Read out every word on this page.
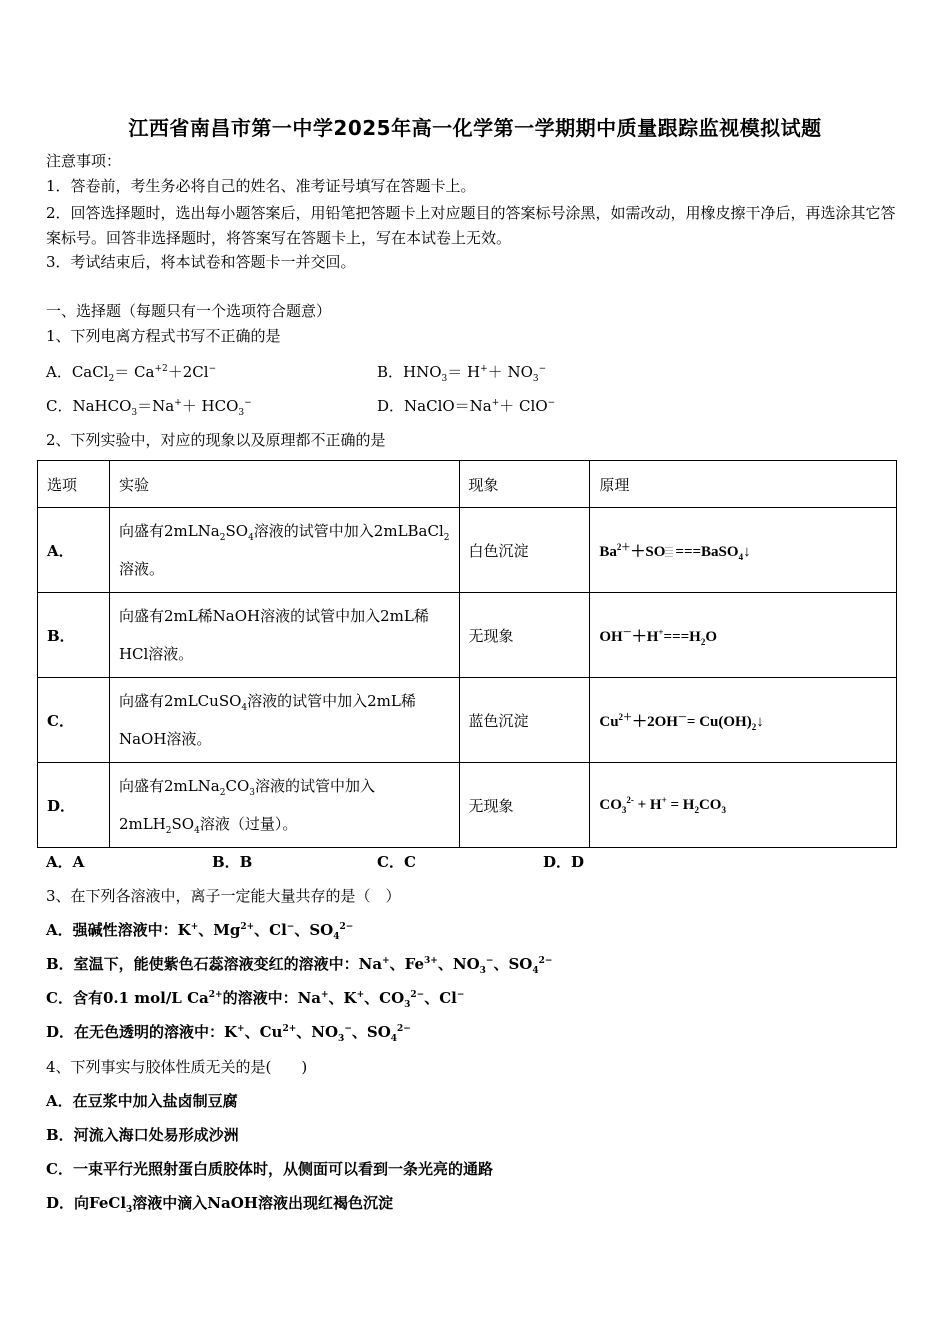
江西省南昌市第一中学2025年高一化学第一学期期中质量跟踪监视模拟试题
注意事项：
1．答卷前，考生务必将自己的姓名、准考证号填写在答题卡上。
2．回答选择题时，选出每小题答案后，用铅笔把答题卡上对应题目的答案标号涂黑，如需改动，用橡皮擦干净后，再选涂其它答案标号。回答非选择题时，将答案写在答题卡上，写在本试卷上无效。
3．考试结束后，将本试卷和答题卡一并交回。
一、选择题（每题只有一个选项符合题意）
1、下列电离方程式书写不正确的是
A．CaCl$_2$＝ $Ca^{+2}+2Cl^-$	B．$HNO_3= H^++ NO_3^-$
C．NaHCO$_3$＝Na+＋ $HCO_3^-$	D．NaClO＝Na+＋ ClO−
2、下列实验中，对应的现象以及原理都不正确的是
选项	实验	现象	原理
A．	向盛有$2mLNa_2SO_4$溶液的试管中加入2mLBaCl$_2$
溶液。	白色沉淀	$Ba^{2+}+SO$ ===BaSO$_4$↓
B．	向盛有2mL稀NaOH溶液的试管中加入2mL稀
HCl溶液。	无现象	$OH^-+H^+===H_2O$
C．	向盛有2mLCuSO$_4$溶液的试管中加入2mL稀
NaOH溶液。	蓝色沉淀	$Cu^{2+}+2OH^-=$ $Cu(OH)_2↓$
D．	向盛有$2mLNa_2CO_3$溶液的试管中加入
$2mLH_2SO_4$溶液（过量）。	无现象	$CO_3^{2-} + H^+ = H_2CO_3$
A．A	B．B	C．C	D．D
3、在下列各溶液中，离子一定能大量共存的是（　）
A．强碱性溶液中：K+、$Mg^{2+}$、Cl−、$SO_4^{2-}$
B．室温下，能使紫色石蕊溶液变红的溶液中：Na+、$Fe^{3+}$、$NO_3^-$、$SO_4^{2-}$
C．含有0.1 mol/L $Ca^{2+}$的溶液中：Na+、K+、$CO_3^{2-}$、Cl−
D．在无色透明的溶液中：K+、$Cu^{2+}$、$NO_3^-$、$SO_4^{2-}$
4、下列事实与胶体性质无关的是(　　)
A．在豆浆中加入盐卤制豆腐
B．河流入海口处易形成沙洲
C．一束平行光照射蛋白质胶体时，从侧面可以看到一条光亮的通路
D．向FeCl$_3$溶液中滴入NaOH溶液出现红褐色沉淀
